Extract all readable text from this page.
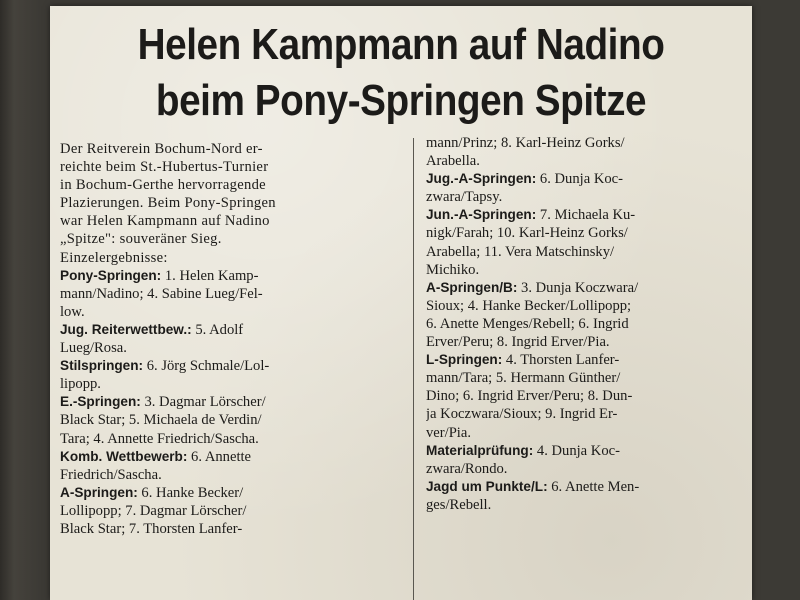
Helen Kampmann auf Nadino
beim Pony-Springen Spitze
Der Reitverein Bochum-Nord er-
reichte beim St.-Hubertus-Turnier
in Bochum-Gerthe hervorragende
Plazierungen. Beim Pony-Springen
war Helen Kampmann auf Nadino
„Spitze": souveräner Sieg.
Einzelergebnisse:
Pony-Springen: 1. Helen Kamp-
mann/Nadino; 4. Sabine Lueg/Fel-
low.
Jug. Reiterwettbew.: 5. Adolf
Lueg/Rosa.
Stilspringen: 6. Jörg Schmale/Lol-
lipopp.
E.-Springen: 3. Dagmar Lörscher/
Black Star; 5. Michaela de Verdin/
Tara; 4. Annette Friedrich/Sascha.
Komb. Wettbewerb: 6. Annette
Friedrich/Sascha.
A-Springen: 6. Hanke Becker/
Lollipopp; 7. Dagmar Lörscher/
Black Star; 7. Thorsten Lanfer-
mann/Prinz; 8. Karl-Heinz Gorks/
Arabella.
Jug.-A-Springen: 6. Dunja Koc-
zwara/Tapsy.
Jun.-A-Springen: 7. Michaela Ku-
nigk/Farah; 10. Karl-Heinz Gorks/
Arabella; 11. Vera Matschinsky/
Michiko.
A-Springen/B: 3. Dunja Koczwara/
Sioux; 4. Hanke Becker/Lollipopp;
6. Anette Menges/Rebell; 6. Ingrid
Erver/Peru; 8. Ingrid Erver/Pia.
L-Springen: 4. Thorsten Lanfer-
mann/Tara; 5. Hermann Günther/
Dino; 6. Ingrid Erver/Peru; 8. Dun-
ja Koczwara/Sioux; 9. Ingrid Er-
ver/Pia.
Materialprüfung: 4. Dunja Koc-
zwara/Rondo.
Jagd um Punkte/L: 6. Anette Men-
ges/Rebell.
